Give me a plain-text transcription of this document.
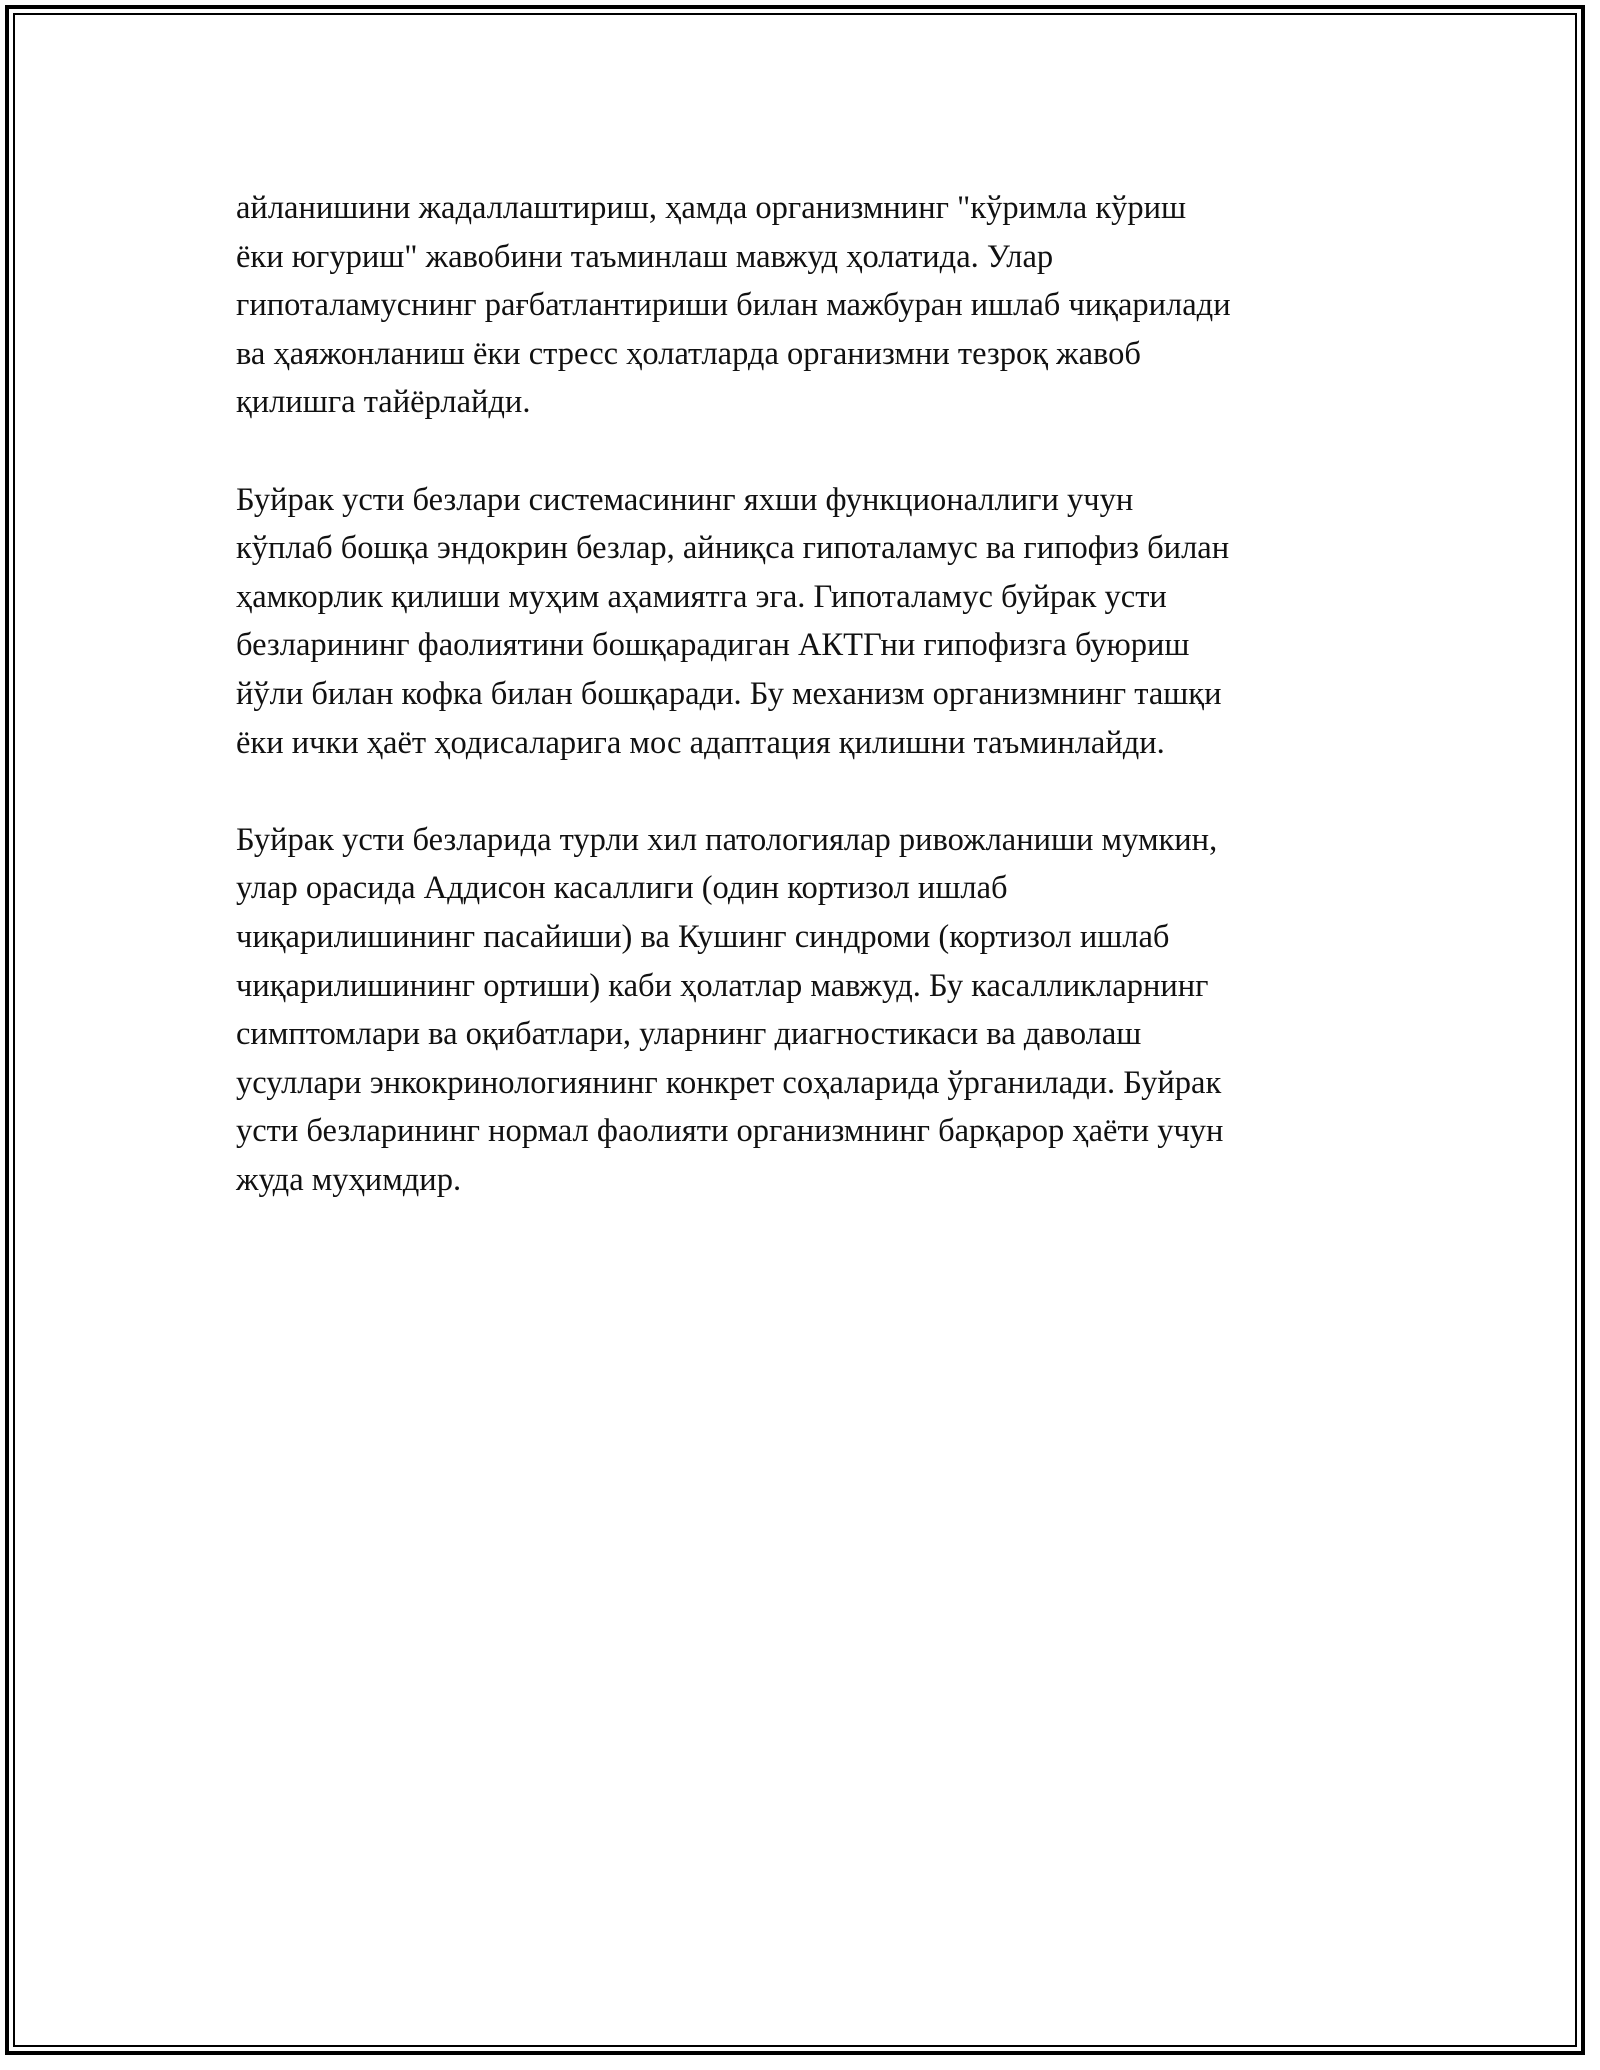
айланишини жадаллаштириш, ҳамда организмнинг "кўримла кўриш
ёки югуриш" жавобини таъминлаш мавжуд ҳолатида. Улар
гипоталамуснинг рағбатлантириши билан мажбуран ишлаб чиқарилади
ва ҳаяжонланиш ёки стресс ҳолатларда организмни тезроқ жавоб
қилишга тайёрлайди.

Буйрак усти безлари системасининг яхши функционаллиги учун
кўплаб бошқа эндокрин безлар, айниқса гипоталамус ва гипофиз билан
ҳамкорлик қилиши муҳим аҳамиятга эга. Гипоталамус буйрак усти
безларининг фаолиятини бошқарадиган АКТГни гипофизга буюриш
йўли билан кофка билан бошқаради. Бу механизм организмнинг ташқи
ёки ички ҳаёт ҳодисаларига мос адаптация қилишни таъминлайди.

Буйрак усти безларида турли хил патологиялар ривожланиши мумкин,
улар орасида Аддисон касаллиги (один кортизол ишлаб
чиқарилишининг пасайиши) ва Кушинг синдроми (кортизол ишлаб
чиқарилишининг ортиши) каби ҳолатлар мавжуд. Бу касалликларнинг
симптомлари ва оқибатлари, уларнинг диагностикаси ва даволаш
усуллари энкокринологиянинг конкрет соҳаларида ўрганилади. Буйрак
усти безларининг нормал фаолияти организмнинг барқарор ҳаёти учун
жуда муҳимдир.
